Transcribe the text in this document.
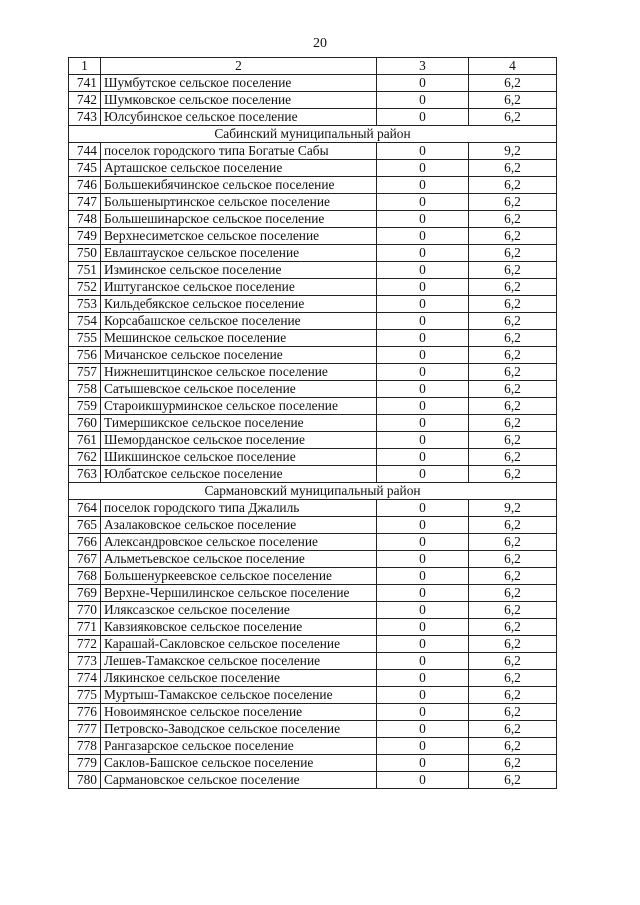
20
1	2	3	4
741	Шумбутское сельское поселение	0	6,2
742	Шумковское сельское поселение	0	6,2
743	Юлсубинское сельское поселение	0	6,2
Сабинский муниципальный район			
744	поселок городского типа Богатые Сабы	0	9,2
745	Арташское сельское поселение	0	6,2
746	Большекибячинское сельское поселение	0	6,2
747	Большеныртинское сельское поселение	0	6,2
748	Большешинарское сельское поселение	0	6,2
749	Верхнесиметское сельское поселение	0	6,2
750	Евлаштауское сельское поселение	0	6,2
751	Изминское сельское поселение	0	6,2
752	Иштуганское сельское поселение	0	6,2
753	Кильдебякское сельское поселение	0	6,2
754	Корсабашское сельское поселение	0	6,2
755	Мешинское сельское поселение	0	6,2
756	Мичанское сельское поселение	0	6,2
757	Нижнешитцинское сельское поселение	0	6,2
758	Сатышевское сельское поселение	0	6,2
759	Староикшурминское сельское поселение	0	6,2
760	Тимершикское сельское поселение	0	6,2
761	Шеморданское сельское поселение	0	6,2
762	Шикшинское сельское поселение	0	6,2
763	Юлбатское сельское поселение	0	6,2
Сармановский муниципальный район			
764	поселок городского типа Джалиль	0	9,2
765	Азалаковское сельское поселение	0	6,2
766	Александровское сельское поселение	0	6,2
767	Альметьевское сельское поселение	0	6,2
768	Большенуркеевское сельское поселение	0	6,2
769	Верхне-Чершилинское сельское поселение	0	6,2
770	Иляксазское сельское поселение	0	6,2
771	Кавзияковское сельское поселение	0	6,2
772	Карашай-Сакловское сельское поселение	0	6,2
773	Лешев-Тамакское сельское поселение	0	6,2
774	Лякинское сельское поселение	0	6,2
775	Муртыш-Тамакское сельское поселение	0	6,2
776	Новоимянское сельское поселение	0	6,2
777	Петровско-Заводское сельское поселение	0	6,2
778	Рангазарское сельское поселение	0	6,2
779	Саклов-Башское сельское поселение	0	6,2
780	Сармановское сельское поселение	0	6,2
